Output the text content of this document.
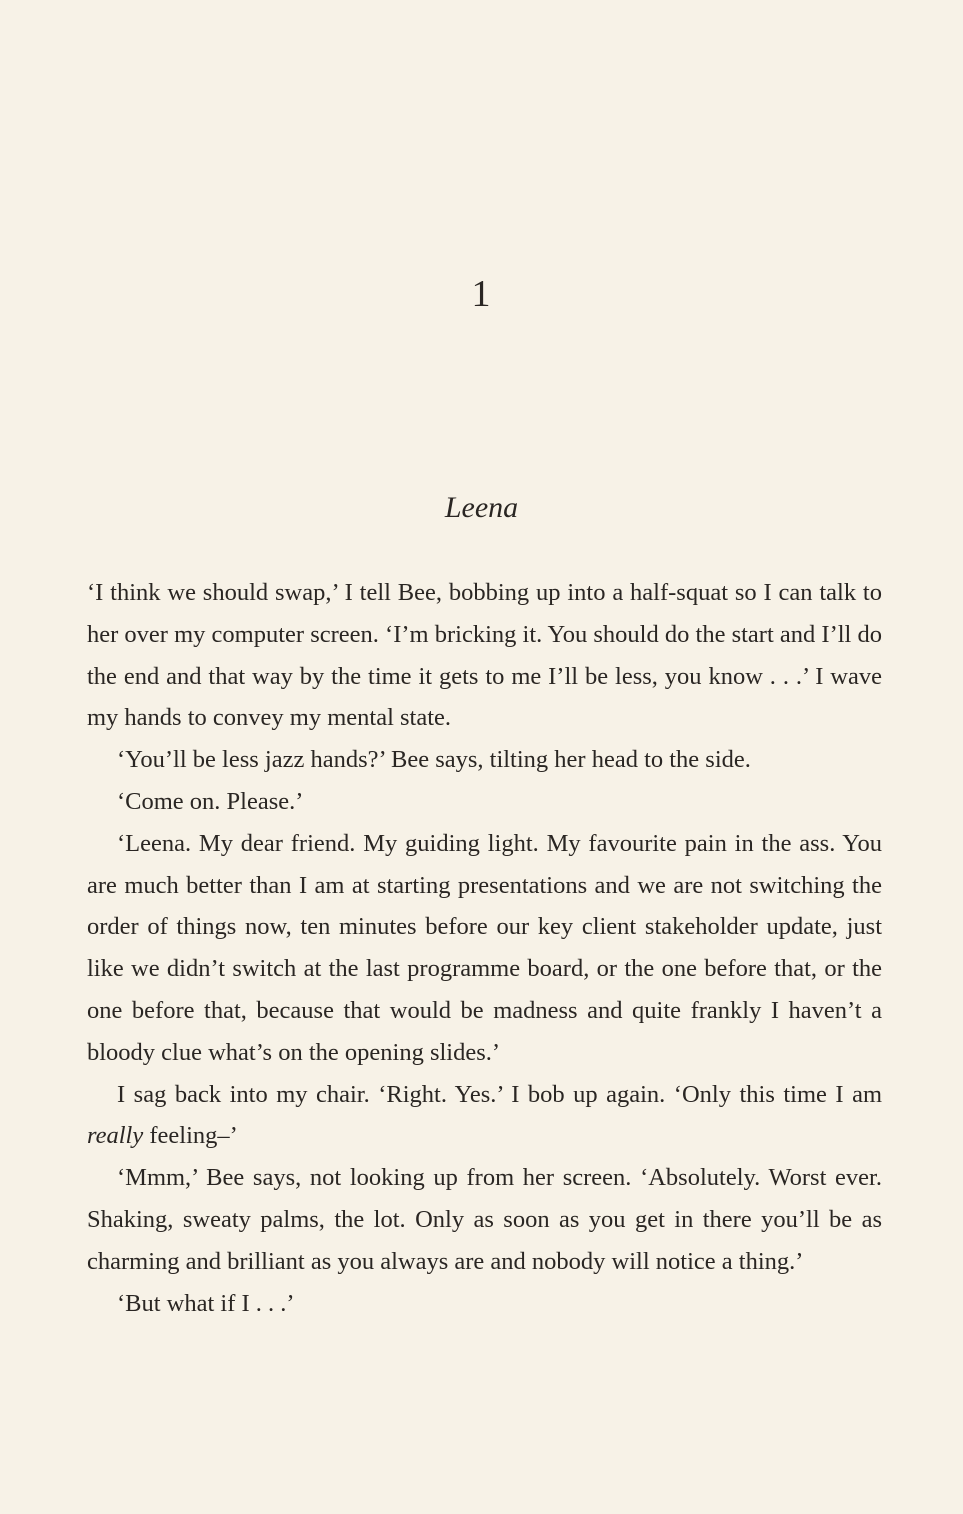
1
Leena

‘I think we should swap,’ I tell Bee, bobbing up into a half-squat so I can talk to her over my computer screen. ‘I’m bricking it. You should do the start and I’ll do the end and that way by the time it gets to me I’ll be less, you know . . .’ I wave my hands to convey my mental state.

‘You’ll be less jazz hands?’ Bee says, tilting her head to the side.

‘Come on. Please.’

‘Leena. My dear friend. My guiding light. My favourite pain in the ass. You are much better than I am at starting presentations and we are not switching the order of things now, ten minutes before our key client stakeholder update, just like we didn’t switch at the last programme board, or the one before that, or the one before that, because that would be madness and quite frankly I haven’t a bloody clue what’s on the opening slides.’

I sag back into my chair. ‘Right. Yes.’ I bob up again. ‘Only this time I am really feeling–’

‘Mmm,’ Bee says, not looking up from her screen. ‘Absolutely. Worst ever. Shaking, sweaty palms, the lot. Only as soon as you get in there you’ll be as charming and brilliant as you always are and nobody will notice a thing.’

‘But what if I . . .’
